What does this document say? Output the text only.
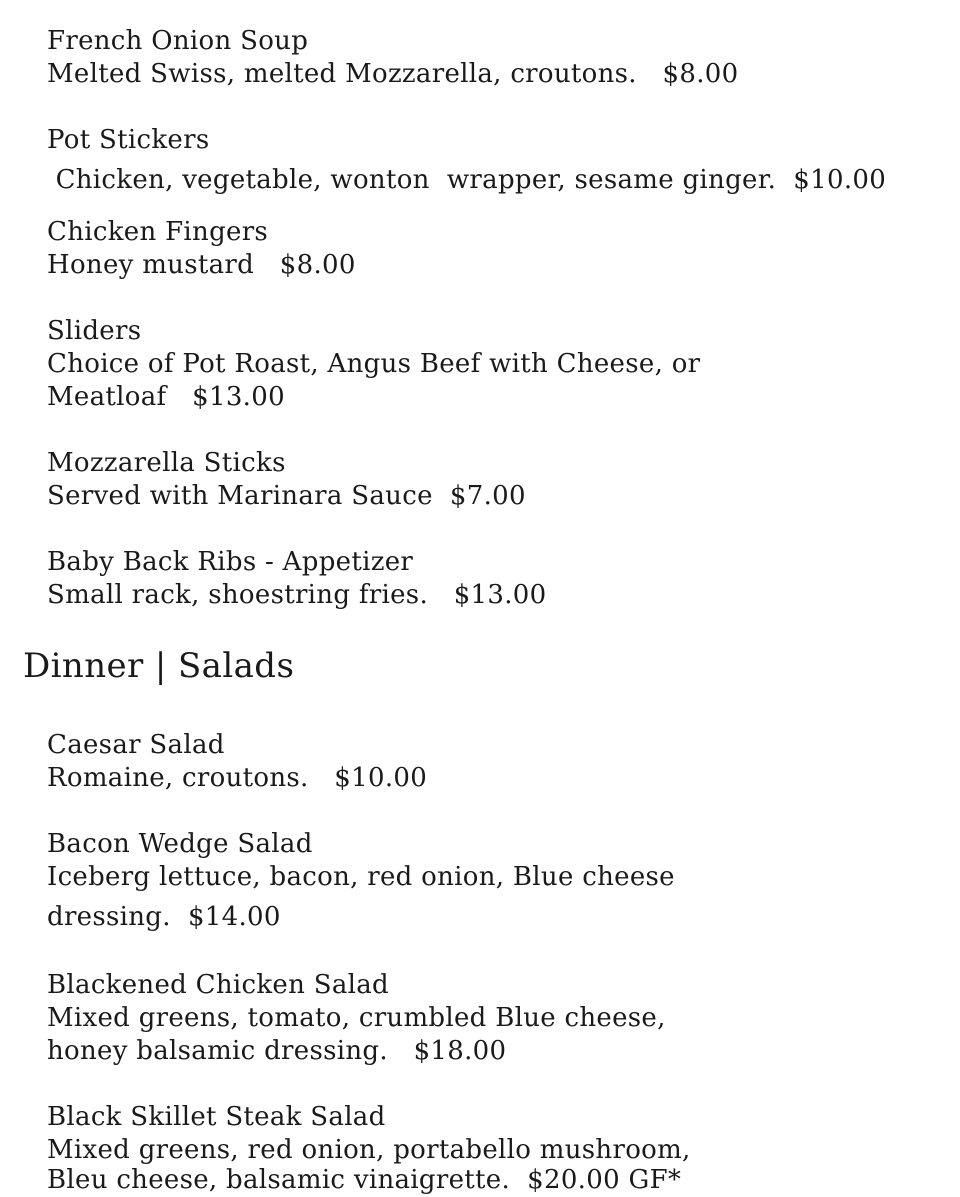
French Onion Soup
Melted Swiss, melted Mozzarella, croutons.   $8.00
Pot Stickers
Chicken, vegetable, wonton  wrapper, sesame ginger.  $10.00
Chicken Fingers
Honey mustard   $8.00
Sliders
Choice of Pot Roast, Angus Beef with Cheese, or
Meatloaf   $13.00
Mozzarella Sticks
Served with Marinara Sauce  $7.00
Baby Back Ribs - Appetizer
Small rack, shoestring fries.   $13.00
Dinner | Salads
Caesar Salad
Romaine, croutons.   $10.00
Bacon Wedge Salad
Iceberg lettuce, bacon, red onion, Blue cheese
dressing.  $14.00
Blackened Chicken Salad
Mixed greens, tomato, crumbled Blue cheese,
honey balsamic dressing.   $18.00
Black Skillet Steak Salad
Mixed greens, red onion, portabello mushroom,
Bleu cheese, balsamic vinaigrette.  $20.00 GF*
